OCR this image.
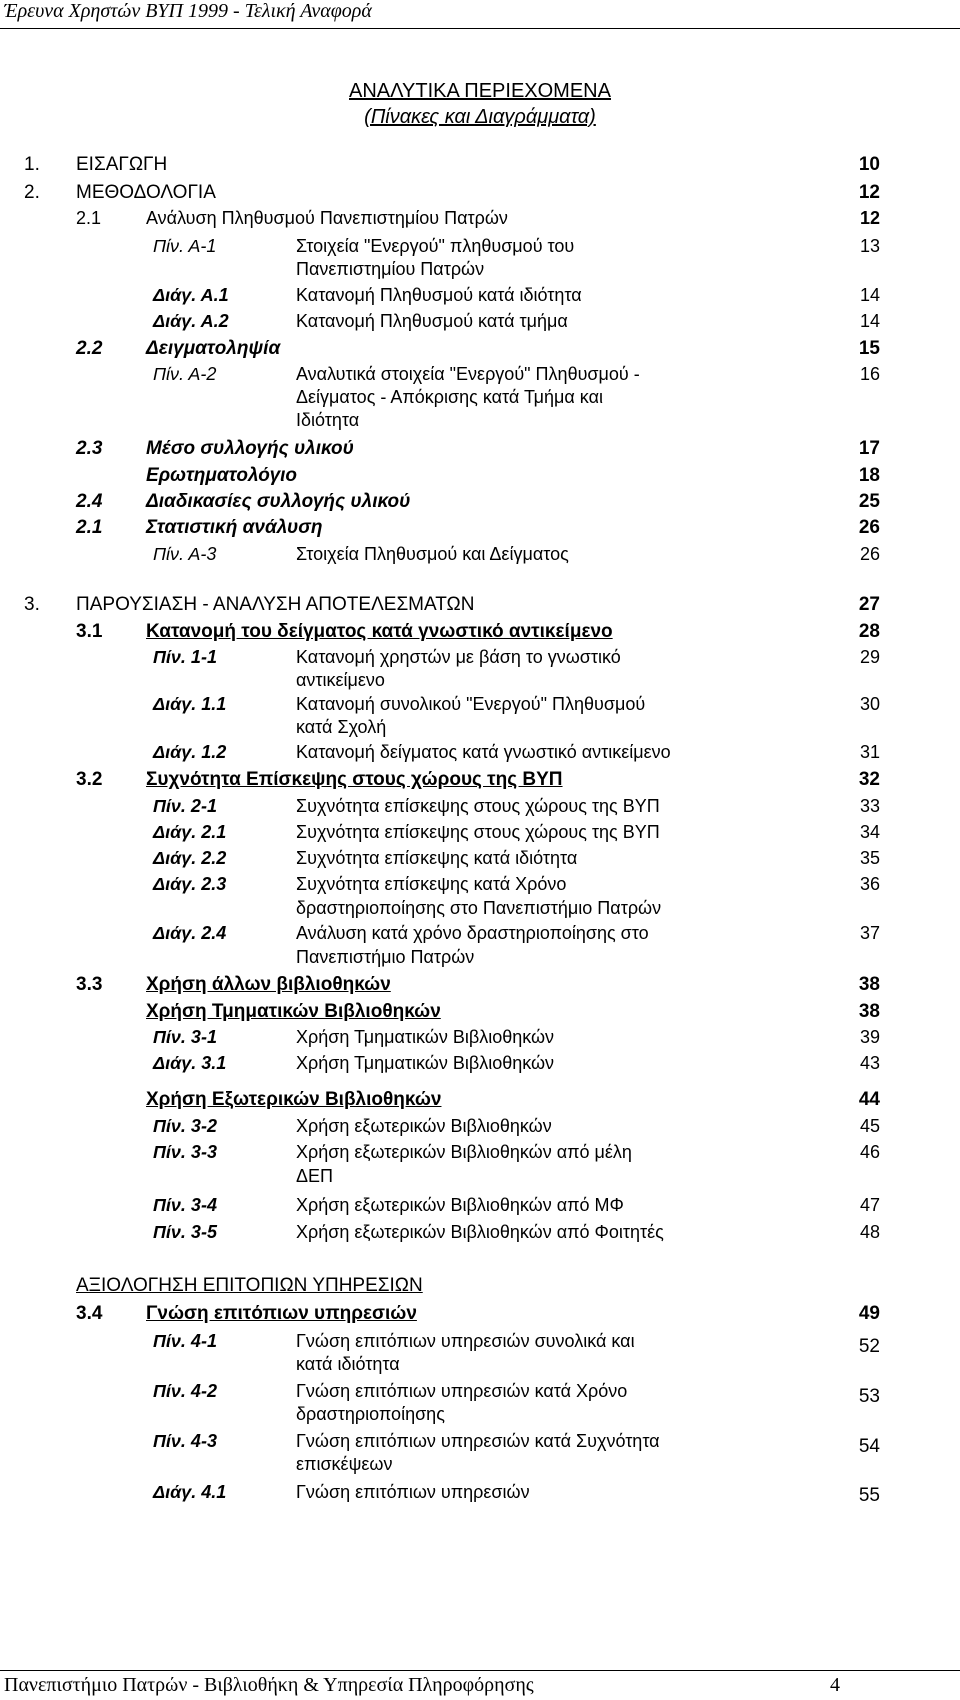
Έρευνα Χρηστών ΒΥΠ 1999 - Τελική Αναφορά
ΑΝΑΛΥΤΙΚΑ ΠΕΡΙΕΧΟΜΕΝΑ
(Πίνακες και Διαγράμματα)
1. ΕΙΣΑΓΩΓΗ	10
2. ΜΕΘΟΔΟΛΟΓΙΑ	12
2.1 Ανάλυση Πληθυσμού Πανεπιστημίου Πατρών	12
Πίν. Α-1	Στοιχεία "Ενεργού" πληθυσμού του	13
Πανεπιστημίου Πατρών
Διάγ. Α.1	Κατανομή Πληθυσμού κατά ιδιότητα	14
Διάγ. Α.2	Κατανομή Πληθυσμού κατά τμήμα	14
2.2 Δειγματοληψία	15
Πίν. Α-2	Αναλυτικά στοιχεία "Ενεργού" Πληθυσμού -	16
Δείγματος - Απόκρισης κατά Τμήμα και
Ιδιότητα
2.3 Μέσο συλλογής υλικού	17
Ερωτηματολόγιο	18
2.4 Διαδικασίες συλλογής υλικού	25
2.1 Στατιστική ανάλυση	26
Πίν. Α-3	Στοιχεία Πληθυσμού και Δείγματος	26
3. ΠΑΡΟΥΣΙΑΣΗ - ΑΝΑΛΥΣΗ ΑΠΟΤΕΛΕΣΜΑΤΩΝ	27
3.1 Κατανομή του δείγματος κατά γνωστικό αντικείμενο	28
Πίν. 1-1	Κατανομή χρηστών με βάση το γνωστικό	29
αντικείμενο
Διάγ. 1.1	Κατανομή συνολικού "Ενεργού" Πληθυσμού	30
κατά Σχολή
Διάγ. 1.2	Κατανομή δείγματος κατά γνωστικό αντικείμενο	31
3.2 Συχνότητα Επίσκεψης στους χώρους της ΒΥΠ	32
Πίν. 2-1	Συχνότητα επίσκεψης στους χώρους της ΒΥΠ	33
Διάγ. 2.1	Συχνότητα επίσκεψης στους χώρους της ΒΥΠ	34
Διάγ. 2.2	Συχνότητα επίσκεψης κατά ιδιότητα	35
Διάγ. 2.3	Συχνότητα επίσκεψης κατά Χρόνο	36
δραστηριοποίησης στο Πανεπιστήμιο Πατρών
Διάγ. 2.4	Ανάλυση κατά χρόνο δραστηριοποίησης στο	37
Πανεπιστήμιο Πατρών
3.3 Χρήση άλλων βιβλιοθηκών	38
Χρήση Τμηματικών Βιβλιοθηκών	38
Πίν. 3-1	Χρήση Τμηματικών Βιβλιοθηκών	39
Διάγ. 3.1	Χρήση Τμηματικών Βιβλιοθηκών	43
Χρήση Εξωτερικών Βιβλιοθηκών	44
Πίν. 3-2	Χρήση εξωτερικών Βιβλιοθηκών	45
Πίν. 3-3	Χρήση εξωτερικών Βιβλιοθηκών από μέλη	46
ΔΕΠ
Πίν. 3-4	Χρήση εξωτερικών Βιβλιοθηκών από ΜΦ	47
Πίν. 3-5	Χρήση εξωτερικών Βιβλιοθηκών από Φοιτητές	48
ΑΞΙΟΛΟΓΗΣΗ ΕΠΙΤΟΠΙΩΝ ΥΠΗΡΕΣΙΩΝ
3.4 Γνώση επιτόπιων υπηρεσιών	49
Πίν. 4-1	Γνώση επιτόπιων υπηρεσιών συνολικά και	52
κατά ιδιότητα
Πίν. 4-2	Γνώση επιτόπιων υπηρεσιών κατά Χρόνο	53
δραστηριοποίησης
Πίν. 4-3	Γνώση επιτόπιων υπηρεσιών κατά Συχνότητα	54
επισκέψεων
Διάγ. 4.1	Γνώση επιτόπιων υπηρεσιών	55
Πανεπιστήμιο Πατρών - Βιβλιοθήκη & Υπηρεσία Πληροφόρησης	4
